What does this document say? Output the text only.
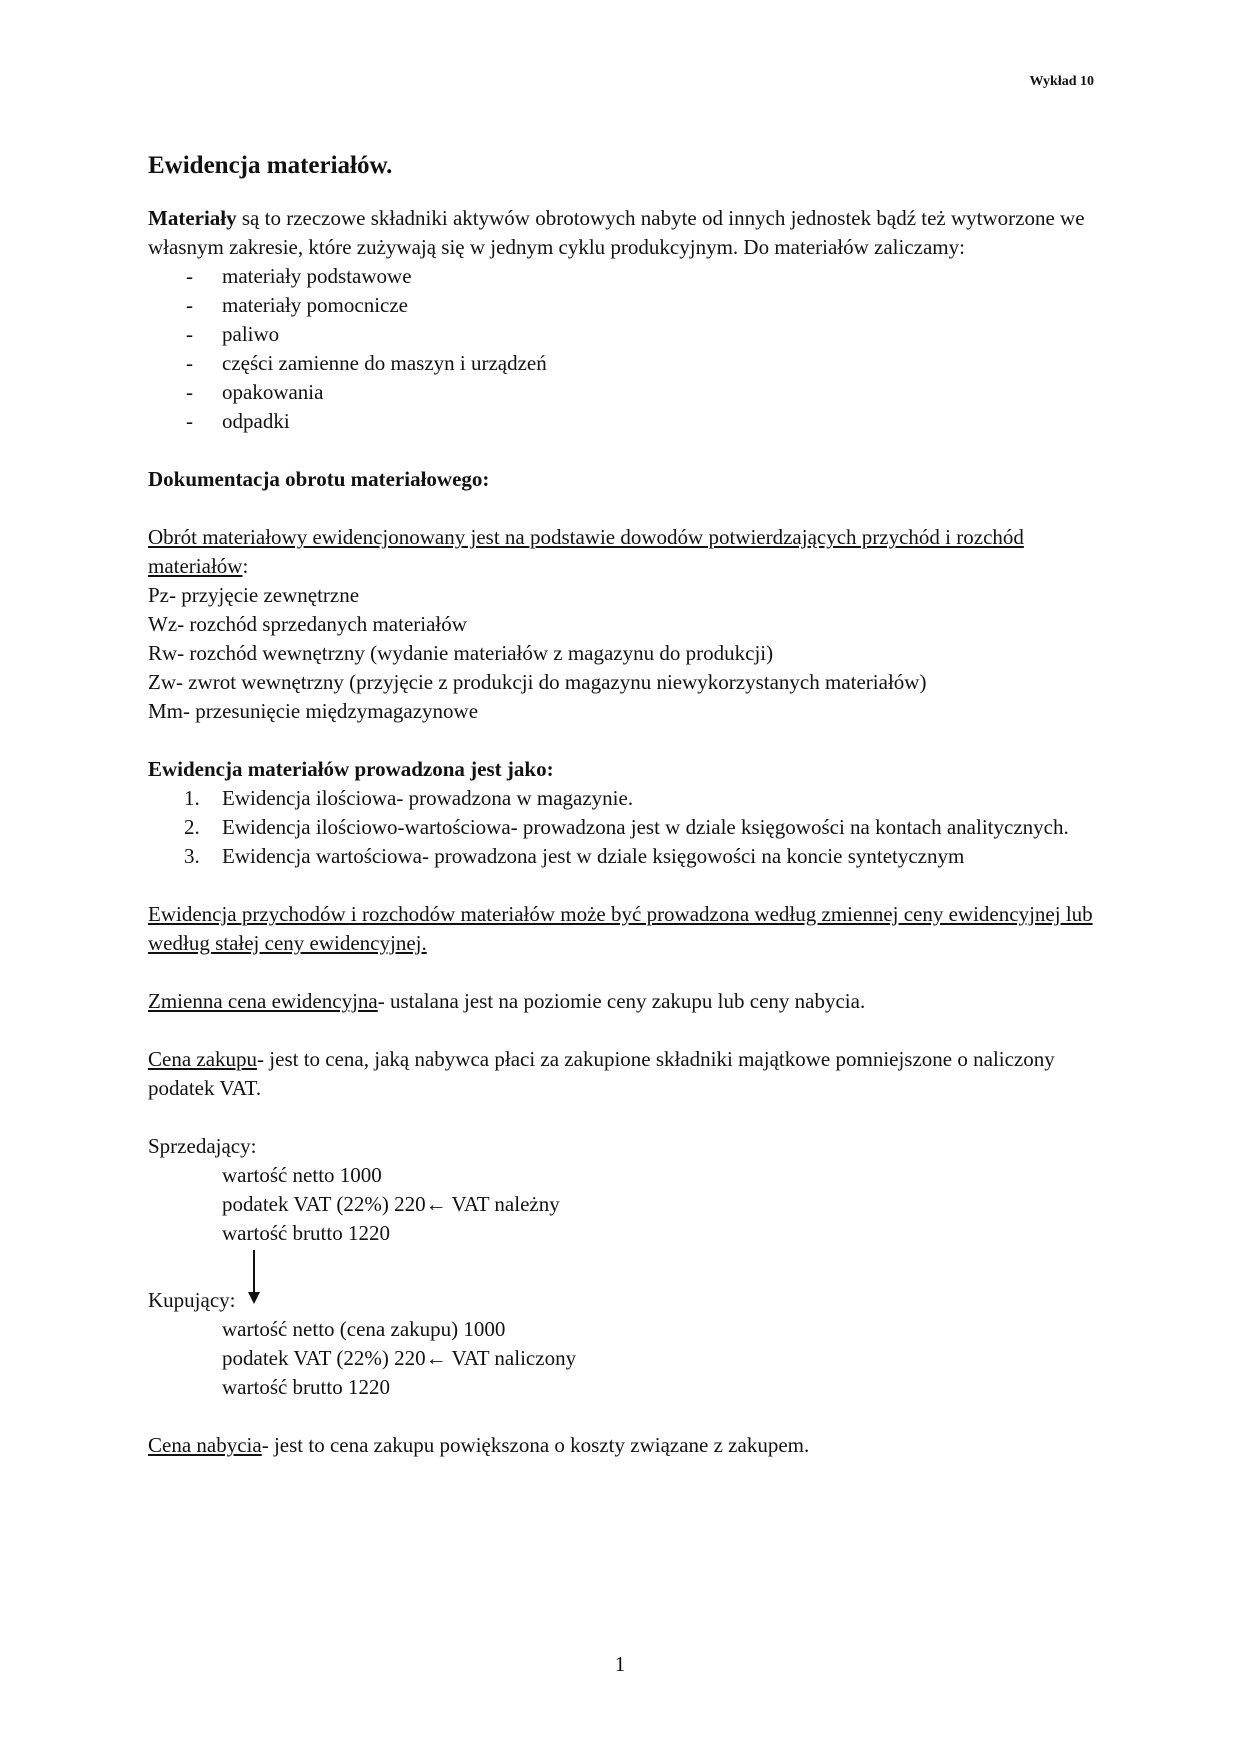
Wykład 10
Ewidencja materiałów.

Materiały są to rzeczowe składniki aktywów obrotowych nabyte od innych jednostek bądź też wytworzone we własnym zakresie, które zużywają się w jednym cyklu produkcyjnym. Do materiałów zaliczamy:

- materiały podstawowe
- materiały pomocnicze
- paliwo
- części zamienne do maszyn i urządzeń
- opakowania
- odpadki

Dokumentacja obrotu materiałowego:

Obrót materiałowy ewidencjonowany jest na podstawie dowodów potwierdzających przychód i rozchód materiałów:

Pz- przyjęcie zewnętrzne

Wz- rozchód sprzedanych materiałów

Rw- rozchód wewnętrzny (wydanie materiałów z magazynu do produkcji)

Zw- zwrot wewnętrzny (przyjęcie z produkcji do magazynu niewykorzystanych materiałów)

Mm- przesunięcie międzymagazynowe

Ewidencja materiałów prowadzona jest jako:

1. Ewidencja ilościowa- prowadzona w magazynie.
2. Ewidencja ilościowo-wartościowa- prowadzona jest w dziale księgowości na kontach analitycznych.
3. Ewidencja wartościowa- prowadzona jest w dziale księgowości na koncie syntetycznym

Ewidencja przychodów i rozchodów materiałów może być prowadzona według zmiennej ceny ewidencyjnej lub według stałej ceny ewidencyjnej.

Zmienna cena ewidencyjna- ustalana jest na poziomie ceny zakupu lub ceny nabycia.

Cena zakupu- jest to cena, jaką nabywca płaci za zakupione składniki majątkowe pomniejszone o naliczony podatek VAT.

Sprzedający:

wartość netto 1000

podatek VAT (22%) 220← VAT należny

wartość brutto 1220

Kupujący:

wartość netto (cena zakupu) 1000

podatek VAT (22%) 220← VAT naliczony

wartość brutto 1220

Cena nabycia- jest to cena zakupu powiększona o koszty związane z zakupem.

1
